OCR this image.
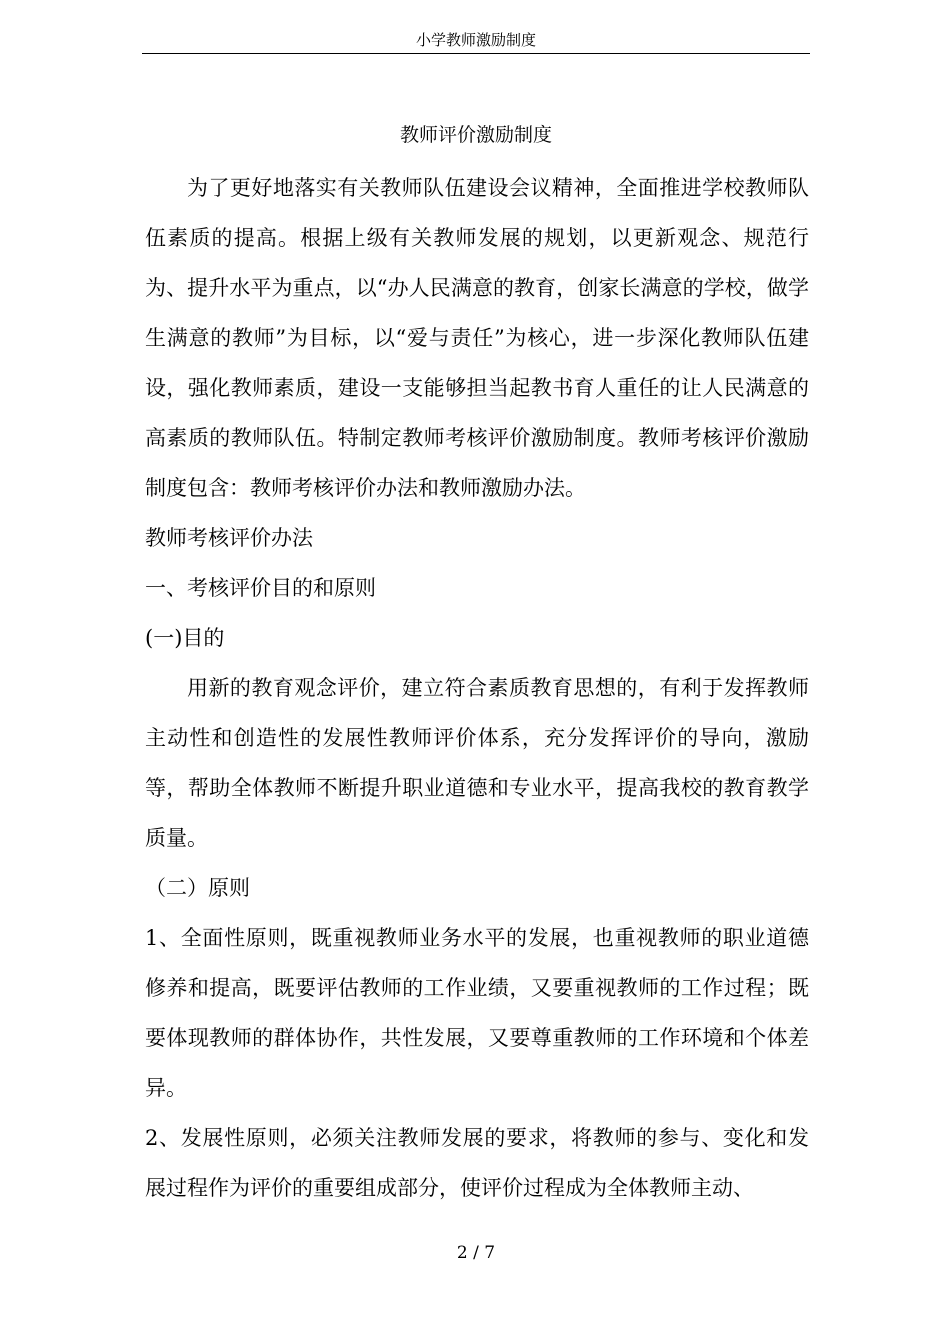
小学教师激励制度
教师评价激励制度

为了更好地落实有关教师队伍建设会议精神，全面推进学校教师队伍素质的提高。根据上级有关教师发展的规划，以更新观念、规范行为、提升水平为重点，以“办人民满意的教育，创家长满意的学校，做学生满意的教师”为目标，以“爱与责任”为核心，进一步深化教师队伍建设，强化教师素质，建设一支能够担当起教书育人重任的让人民满意的高素质的教师队伍。特制定教师考核评价激励制度。教师考核评价激励制度包含：教师考核评价办法和教师激励办法。

教师考核评价办法

一、考核评价目的和原则

(一)目的

用新的教育观念评价，建立符合素质教育思想的，有利于发挥教师主动性和创造性的发展性教师评价体系，充分发挥评价的导向，激励等，帮助全体教师不断提升职业道德和专业水平，提高我校的教育教学质量。

（二）原则

1、全面性原则，既重视教师业务水平的发展，也重视教师的职业道德修养和提高，既要评估教师的工作业绩，又要重视教师的工作过程；既要体现教师的群体协作，共性发展，又要尊重教师的工作环境和个体差异。

2、发展性原则，必须关注教师发展的要求，将教师的参与、变化和发展过程作为评价的重要组成部分，使评价过程成为全体教师主动、

2 / 7
